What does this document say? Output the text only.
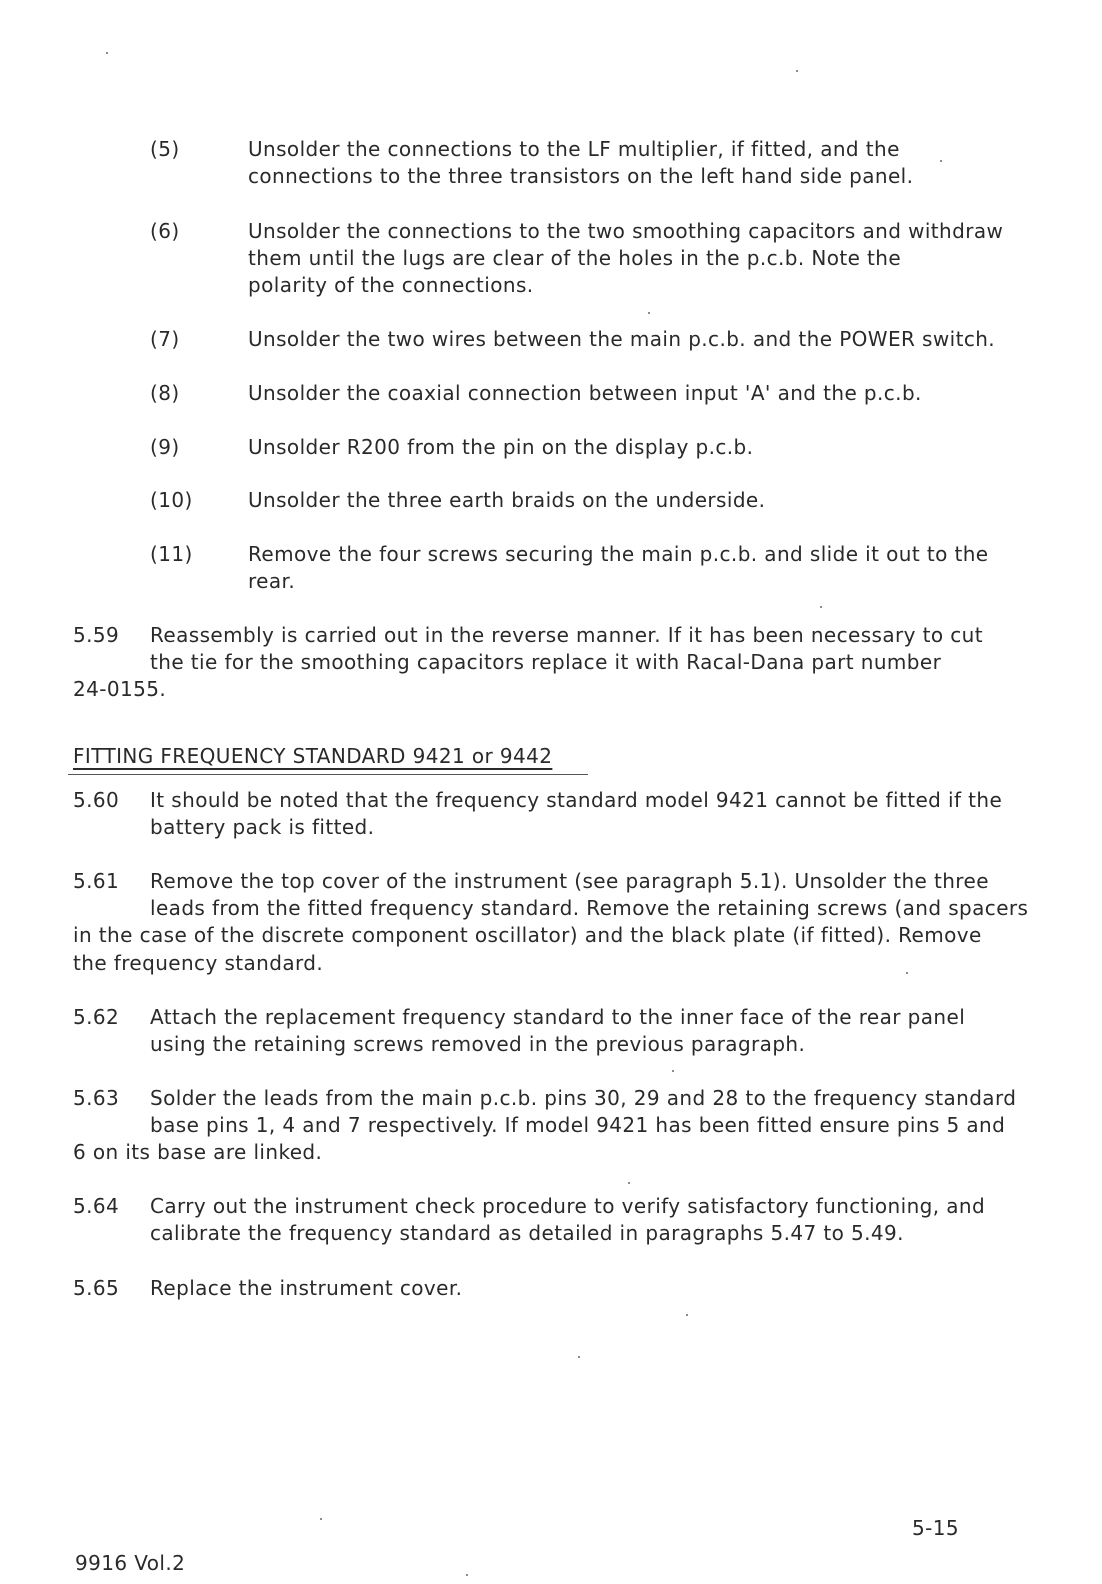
(5)	Unsolder the connections to the LF multiplier, if fitted, and the
connections to the three transistors on the left hand side panel.
(6)	Unsolder the connections to the two smoothing capacitors and withdraw
them until the lugs are clear of the holes in the p.c.b. Note the
polarity of the connections.
(7)	Unsolder the two wires between the main p.c.b. and the POWER switch.
(8)	Unsolder the coaxial connection between input 'A' and the p.c.b.
(9)	Unsolder R200 from the pin on the display p.c.b.
(10)	Unsolder the three earth braids on the underside.
(11)	Remove the four screws securing the main p.c.b. and slide it out to the
rear.
5.59 Reassembly is carried out in the reverse manner. If it has been necessary to cut
the tie for the smoothing capacitors replace it with Racal-Dana part number
24-0155.
FITTING FREQUENCY STANDARD 9421 or 9442
5.60 It should be noted that the frequency standard model 9421 cannot be fitted if the
battery pack is fitted.
5.61 Remove the top cover of the instrument (see paragraph 5.1). Unsolder the three
leads from the fitted frequency standard. Remove the retaining screws (and spacers
in the case of the discrete component oscillator) and the black plate (if fitted). Remove
the frequency standard.
5.62 Attach the replacement frequency standard to the inner face of the rear panel
using the retaining screws removed in the previous paragraph.
5.63 Solder the leads from the main p.c.b. pins 30, 29 and 28 to the frequency standard
base pins 1, 4 and 7 respectively. If model 9421 has been fitted ensure pins 5 and
6 on its base are linked.
5.64 Carry out the instrument check procedure to verify satisfactory functioning, and
calibrate the frequency standard as detailed in paragraphs 5.47 to 5.49.
5.65 Replace the instrument cover.
5-15
9916 Vol.2
